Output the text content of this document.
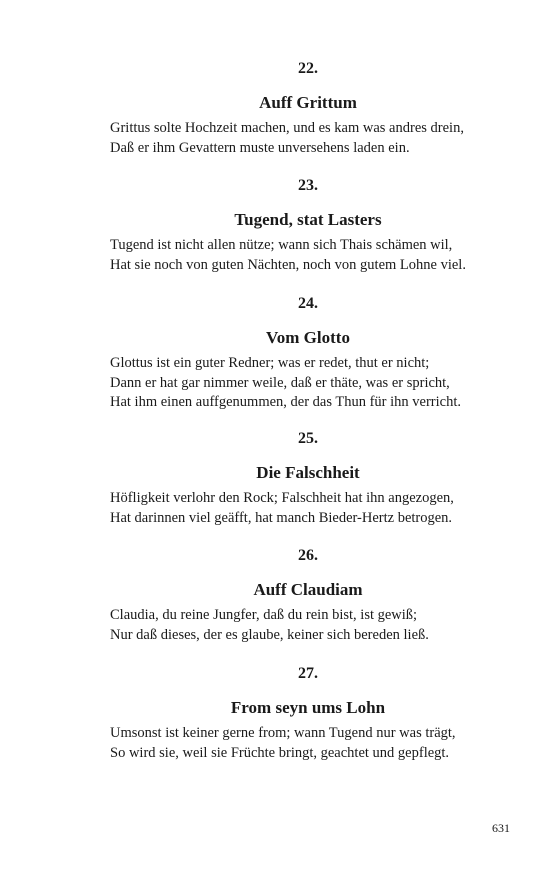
22.
Auff Grittum
Grittus solte Hochzeit machen, und es kam was andres drein,
Daß er ihm Gevattern muste unversehens laden ein.
23.
Tugend, stat Lasters
Tugend ist nicht allen nütze; wann sich Thais schämen wil,
Hat sie noch von guten Nächten, noch von gutem Lohne viel.
24.
Vom Glotto
Glottus ist ein guter Redner; was er redet, thut er nicht;
Dann er hat gar nimmer weile, daß er thäte, was er spricht,
Hat ihm einen auffgenummen, der das Thun für ihn verricht.
25.
Die Falschheit
Höfligkeit verlohr den Rock; Falschheit hat ihn angezogen,
Hat darinnen viel geäfft, hat manch Bieder-Hertz betrogen.
26.
Auff Claudiam
Claudia, du reine Jungfer, daß du rein bist, ist gewiß;
Nur daß dieses, der es glaube, keiner sich bereden ließ.
27.
From seyn ums Lohn
Umsonst ist keiner gerne from; wann Tugend nur was trägt,
So wird sie, weil sie Früchte bringt, geachtet und gepflegt.
631
